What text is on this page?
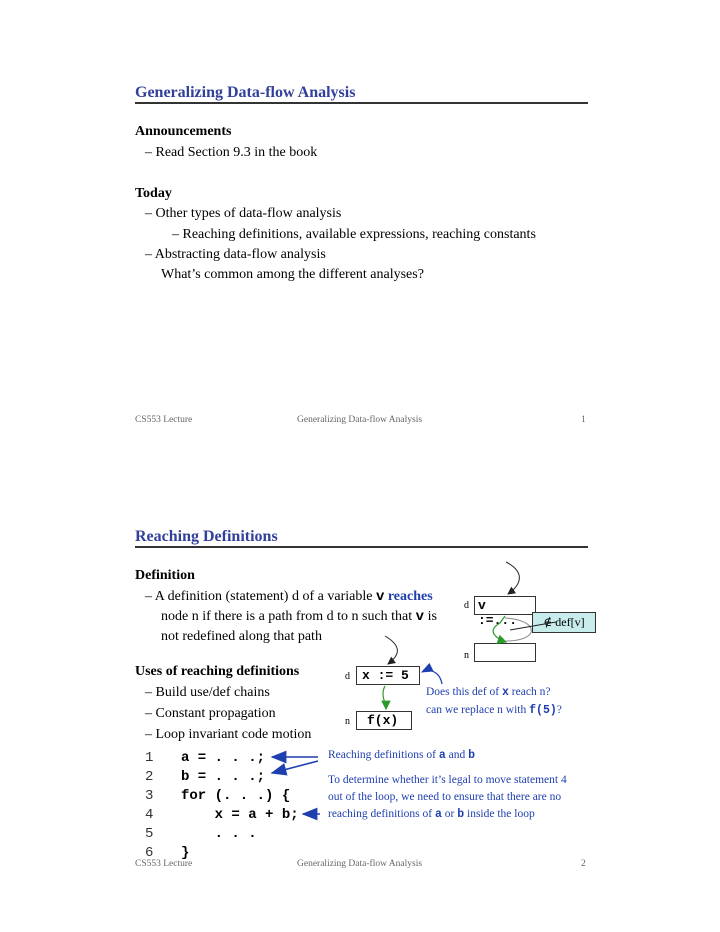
Generalizing Data-flow Analysis
Announcements
– Read Section 9.3 in the book
Today
– Other types of data-flow analysis
– Reaching definitions, available expressions, reaching constants
– Abstracting data-flow analysis
What’s common among the different analyses?
CS553 Lecture	Generalizing Data-flow Analysis	1
Reaching Definitions
Definition
– A definition (statement) d of a variable v reaches
node n if there is a path from d to n such that v is
not redefined along that path
Uses of reaching definitions
– Build use/def chains
– Constant propagation
– Loop invariant code motion
d v :=...	∉ def[v]
n
d x := 5
n	f(x)
Does this def of x reach n?
can we replace n with f(5)?
1 a = . . .;
2 b = . . .;
3 for (. . .) {
4    x = a + b;
5    . . .
6 }
Reaching definitions of a and b
To determine whether it’s legal to move statement 4
out of the loop, we need to ensure that there are no
reaching definitions of a or b inside the loop
CS553 Lecture	Generalizing Data-flow Analysis	2
